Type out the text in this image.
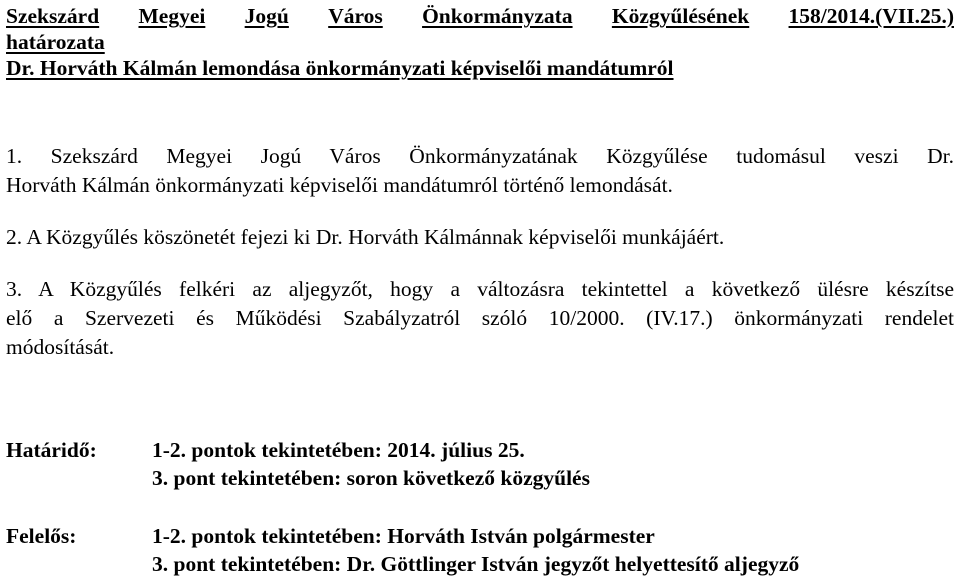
Szekszárd Megyei Jogú Város Önkormányzata Közgyűlésének 158/2014.(VII.25.)
határozata
Dr. Horváth Kálmán lemondása önkormányzati képviselői mandátumról

1. Szekszárd Megyei Jogú Város Önkormányzatának Közgyűlése tudomásul veszi Dr.
Horváth Kálmán önkormányzati képviselői mandátumról történő lemondását.

2. A Közgyűlés köszönetét fejezi ki Dr. Horváth Kálmánnak képviselői munkájáért.

3. A Közgyűlés felkéri az aljegyzőt, hogy a változásra tekintettel a következő ülésre készítse
elő a Szervezeti és Működési Szabályzatról szóló 10/2000. (IV.17.) önkormányzati rendelet
módosítását.

Határidő:	1-2. pontok tekintetében: 2014. július 25.
3. pont tekintetében: soron következő közgyűlés
Felelős:	1-2. pontok tekintetében: Horváth István polgármester
3. pont tekintetében: Dr. Göttlinger István jegyzőt helyettesítő aljegyző
